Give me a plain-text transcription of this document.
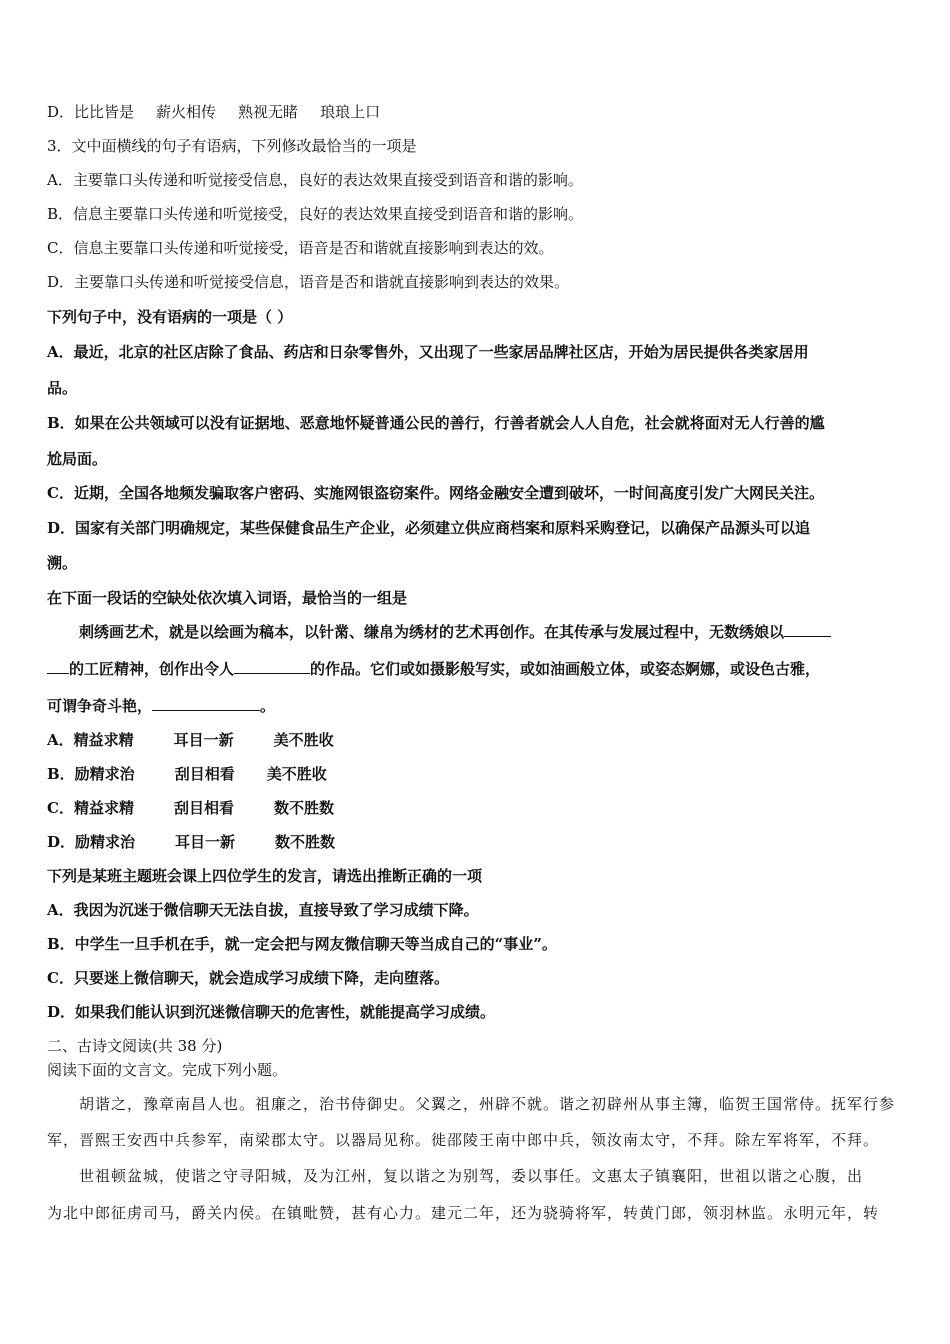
D．比比皆是 薪火相传 熟视无睹 琅琅上口
3．文中面横线的句子有语病，下列修改最恰当的一项是
A．主要靠口头传递和听觉接受信息，良好的表达效果直接受到语音和谐的影响。
B．信息主要靠口头传递和听觉接受，良好的表达效果直接受到语音和谐的影响。
C．信息主要靠口头传递和听觉接受，语音是否和谐就直接影响到表达的效。
D．主要靠口头传递和听觉接受信息，语音是否和谐就直接影响到表达的效果。
下列句子中，没有语病的一项是（ ）
A．最近，北京的社区店除了食品、药店和日杂零售外，又出现了一些家居品牌社区店，开始为居民提供各类家居用
品。
B．如果在公共领域可以没有证据地、恶意地怀疑普通公民的善行，行善者就会人人自危，社会就将面对无人行善的尴
尬局面。
C．近期，全国各地频发骗取客户密码、实施网银盗窃案件。网络金融安全遭到破坏，一时间高度引发广大网民关注。
D．国家有关部门明确规定，某些保健食品生产企业，必须建立供应商档案和原料采购登记，以确保产品源头可以追
溯。
在下面一段话的空缺处依次填入词语，最恰当的一组是
刺绣画艺术，就是以绘画为稿本，以针黹、缣帛为绣材的艺术再创作。在其传承与发展过程中，无数绣娘以
的工匠精神，创作出令人	的作品。它们或如摄影般写实，或如油画般立体，或姿态婀娜，或设色古雅，
可谓争奇斗艳，	。
A．精益求精	耳目一新	美不胜收
B．励精求治	刮目相看 美不胜收
C．精益求精	刮目相看	数不胜数
D．励精求治	耳目一新	数不胜数
下列是某班主题班会课上四位学生的发言，请选出推断正确的一项
A．我因为沉迷于微信聊天无法自拔，直接导致了学习成绩下降。
B．中学生一旦手机在手，就一定会把与网友微信聊天等当成自己的“事业”。
C．只要迷上微信聊天，就会造成学习成绩下降，走向堕落。
D．如果我们能认识到沉迷微信聊天的危害性，就能提高学习成绩。
二、古诗文阅读(共 38 分)
阅读下面的文言文。完成下列小题。
胡谐之，豫章南昌人也。祖廉之，治书侍御史。父翼之，州辟不就。谐之初辟州从事主簿，临贺王国常侍。抚军行参
军，晋熙王安西中兵参军，南梁郡太守。以器局见称。徙邵陵王南中郎中兵，领汝南太守，不拜。除左军将军，不拜。
世祖顿盆城，使谐之守寻阳城，及为江州，复以谐之为别驾，委以事任。文惠太子镇襄阳，世祖以谐之心腹，出
为北中郎征虏司马，爵关内侯。在镇毗赞，甚有心力。建元二年，还为骁骑将军，转黄门郎，领羽林监。永明元年，转
